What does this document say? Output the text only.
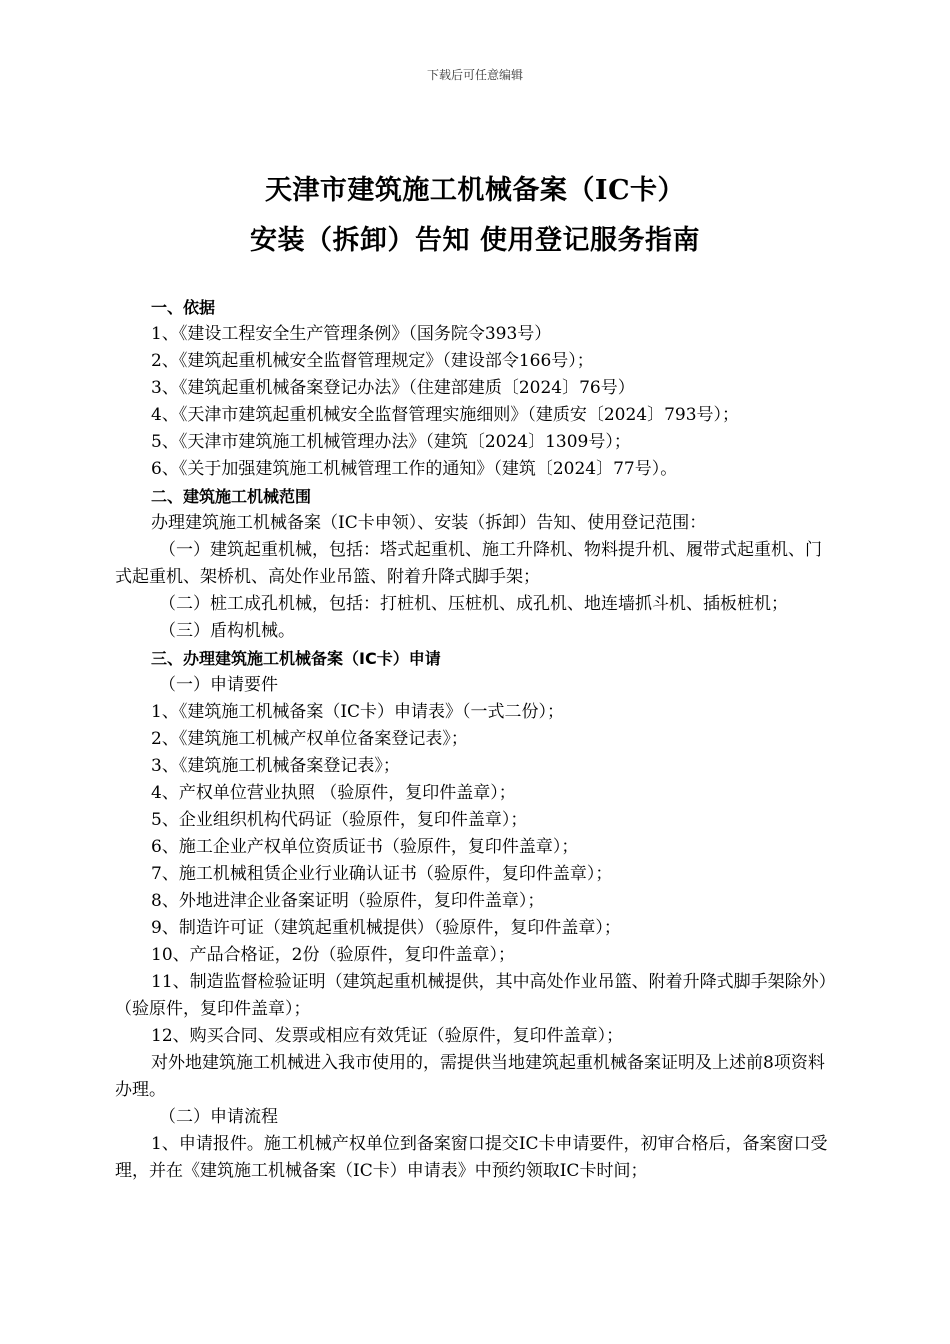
下载后可任意编辑
天津市建筑施工机械备案（IC卡）
安装（拆卸）告知 使用登记服务指南

一、依据

1、《建设工程安全生产管理条例》（国务院令393号）

2、《建筑起重机械安全监督管理规定》（建设部令166号）；

3、《建筑起重机械备案登记办法》（住建部建质〔2024〕76号）

4、《天津市建筑起重机械安全监督管理实施细则》（建质安〔2024〕793号）；

5、《天津市建筑施工机械管理办法》（建筑〔2024〕1309号）；

6、《关于加强建筑施工机械管理工作的通知》（建筑〔2024〕77号）。

二、建筑施工机械范围

办理建筑施工机械备案（IC卡申领）、安装（拆卸）告知、使用登记范围：

（一）建筑起重机械，包括：塔式起重机、施工升降机、物料提升机、履带式起重机、门式起重机、架桥机、高处作业吊篮、附着升降式脚手架；

（二）桩工成孔机械，包括：打桩机、压桩机、成孔机、地连墙抓斗机、插板桩机；

（三）盾构机械。

三、办理建筑施工机械备案（IC卡）申请

（一）申请要件

1、《建筑施工机械备案（IC卡）申请表》（一式二份）；

2、《建筑施工机械产权单位备案登记表》；

3、《建筑施工机械备案登记表》；

4、产权单位营业执照 （验原件，复印件盖章）；

5、企业组织机构代码证（验原件，复印件盖章）；

6、施工企业产权单位资质证书（验原件，复印件盖章）；

7、施工机械租赁企业行业确认证书（验原件，复印件盖章）；

8、外地进津企业备案证明（验原件，复印件盖章）；

9、制造许可证（建筑起重机械提供）（验原件，复印件盖章）；

10、产品合格证，2份（验原件，复印件盖章）；

11、制造监督检验证明（建筑起重机械提供，其中高处作业吊篮、附着升降式脚手架除外）（验原件，复印件盖章）；

12、购买合同、发票或相应有效凭证（验原件，复印件盖章）；

对外地建筑施工机械进入我市使用的，需提供当地建筑起重机械备案证明及上述前8项资料办理。

（二）申请流程

1、申请报件。施工机械产权单位到备案窗口提交IC卡申请要件，初审合格后，备案窗口受理，并在《建筑施工机械备案（IC卡）申请表》中预约领取IC卡时间；
